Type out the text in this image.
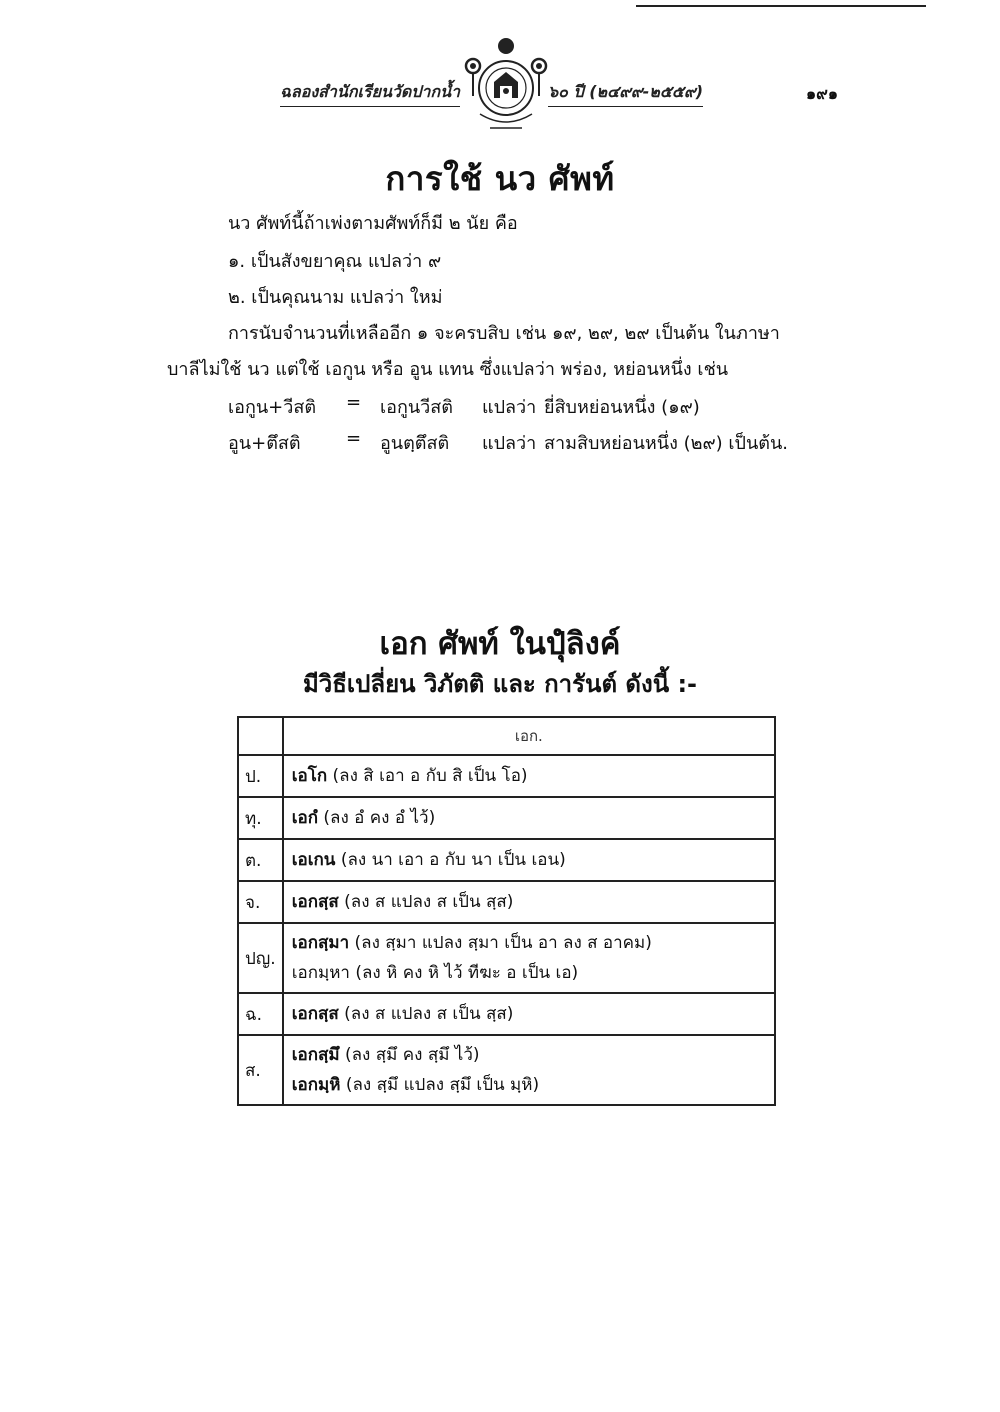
ฉลองสำนักเรียนวัดปากน้ำ	๖๐ ปี (๒๔๙๙-๒๕๕๙)	๑๙๑
การใช้ นว ศัพท์
นว ศัพท์นี้ถ้าเพ่งตามศัพท์ก็มี ๒ นัย คือ
๑. เป็นสังขยาคุณ แปลว่า ๙
๒. เป็นคุณนาม แปลว่า ใหม่
การนับจำนวนที่เหลืออีก ๑ จะครบสิบ เช่น ๑๙, ๒๙, ๒๙ เป็นต้น ในภาษา
บาลีไม่ใช้ นว แต่ใช้ เอกูน หรือ อูน แทน ซึ่งแปลว่า พร่อง, หย่อนหนึ่ง เช่น
เอกูน+วีสติ = เอกูนวีสติ แปลว่า ยี่สิบหย่อนหนึ่ง (๑๙)
อูน+ตึสติ	= อูนตฺตึสติ แปลว่า สามสิบหย่อนหนึ่ง (๒๙) เป็นต้น.
เอก ศัพท์ ในปุํลิงค์
มีวิธีเปลี่ยน วิภัตติ และ การันต์ ดังนี้ :-
	เอก.
ป.	เอโก (ลง สิ เอา อ กับ สิ เป็น โอ)

ทุ.	เอกํ (ลง อํ คง อํ ไว้)

ต.	เอเกน (ลง นา เอา อ กับ นา เป็น เอน)

จ.	เอกสฺส (ลง ส แปลง ส เป็น สฺส)

ปญ.	เอกสฺมา (ลง สฺมา แปลง สฺมา เป็น อา ลง ส อาคม)
เอกมฺหา (ลง หิ คง หิ ไว้ ทีฆะ อ เป็น เอ)

ฉ.	เอกสฺส (ลง ส แปลง ส เป็น สฺส)

ส.	เอกสฺมึ (ลง สฺมึ คง สฺมึ ไว้)
เอกมฺหิ (ลง สฺมึ แปลง สฺมึ เป็น มฺหิ)
